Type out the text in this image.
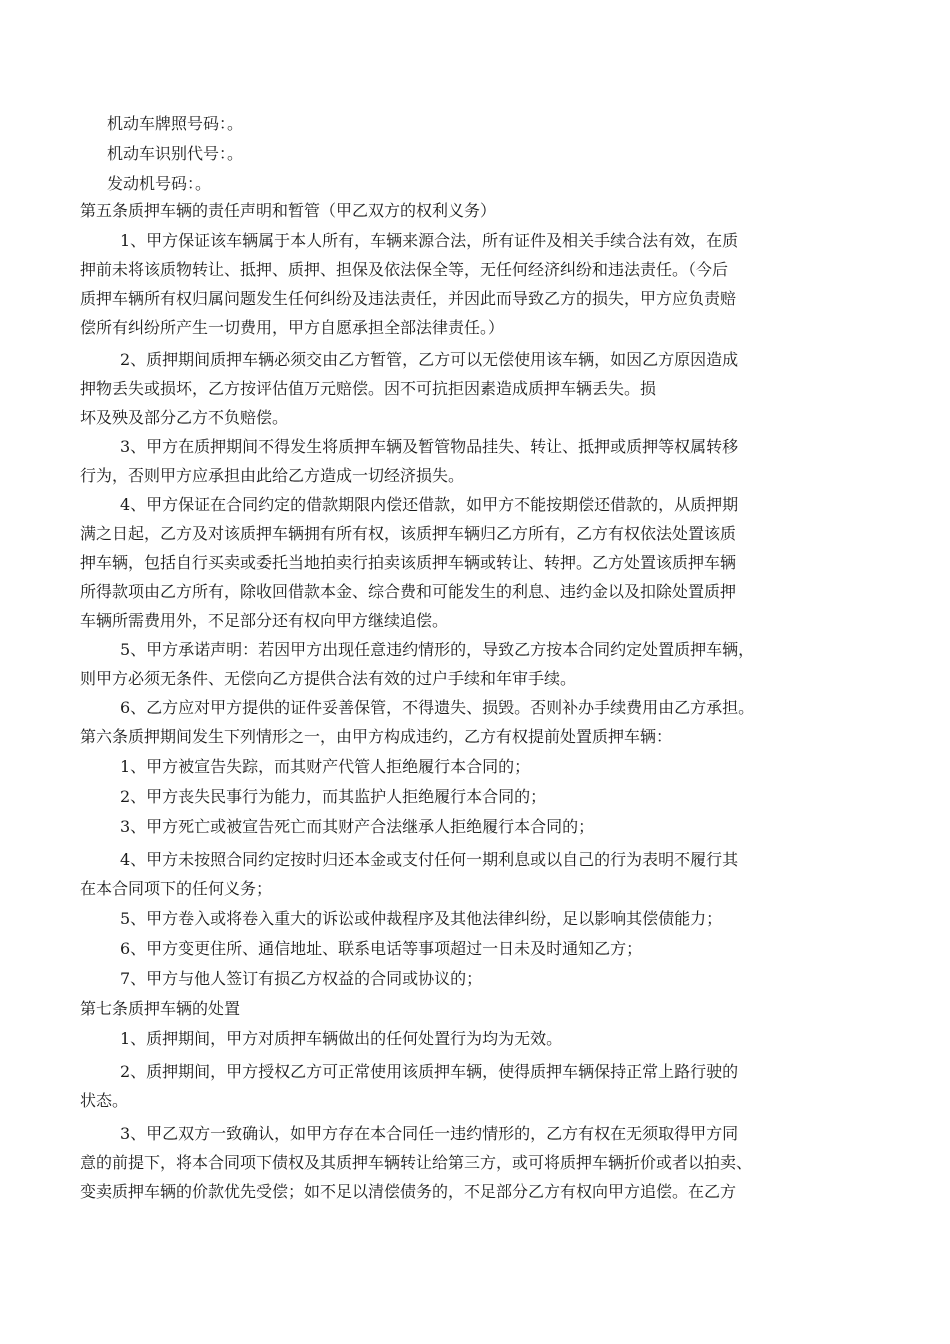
机动车牌照号码：。
机动车识别代号：。
发动机号码：。
第五条质押车辆的责任声明和暂管（甲乙双方的权利义务）
1、甲方保证该车辆属于本人所有，车辆来源合法，所有证件及相关手续合法有效，在质
押前未将该质物转让、抵押、质押、担保及依法保全等，无任何经济纠纷和违法责任。（今后
质押车辆所有权归属问题发生任何纠纷及违法责任，并因此而导致乙方的损失，甲方应负责赔
偿所有纠纷所产生一切费用，甲方自愿承担全部法律责任。）
2、质押期间质押车辆必须交由乙方暂管，乙方可以无偿使用该车辆，如因乙方原因造成
押物丢失或损坏，乙方按评估值万元赔偿。因不可抗拒因素造成质押车辆丢失。损
坏及殃及部分乙方不负赔偿。
3、甲方在质押期间不得发生将质押车辆及暂管物品挂失、转让、抵押或质押等权属转移
行为，否则甲方应承担由此给乙方造成一切经济损失。
4、甲方保证在合同约定的借款期限内偿还借款，如甲方不能按期偿还借款的，从质押期
满之日起，乙方及对该质押车辆拥有所有权，该质押车辆归乙方所有，乙方有权依法处置该质
押车辆，包括自行买卖或委托当地拍卖行拍卖该质押车辆或转让、转押。乙方处置该质押车辆
所得款项由乙方所有，除收回借款本金、综合费和可能发生的利息、违约金以及扣除处置质押
车辆所需费用外，不足部分还有权向甲方继续追偿。
5、甲方承诺声明：若因甲方出现任意违约情形的，导致乙方按本合同约定处置质押车辆，
则甲方必须无条件、无偿向乙方提供合法有效的过户手续和年审手续。
6、乙方应对甲方提供的证件妥善保管，不得遗失、损毁。否则补办手续费用由乙方承担。
第六条质押期间发生下列情形之一，由甲方构成违约，乙方有权提前处置质押车辆：
1、甲方被宣告失踪，而其财产代管人拒绝履行本合同的；
2、甲方丧失民事行为能力，而其监护人拒绝履行本合同的；
3、甲方死亡或被宣告死亡而其财产合法继承人拒绝履行本合同的；
4、甲方未按照合同约定按时归还本金或支付任何一期利息或以自己的行为表明不履行其
在本合同项下的任何义务；
5、甲方卷入或将卷入重大的诉讼或仲裁程序及其他法律纠纷，足以影响其偿债能力；
6、甲方变更住所、通信地址、联系电话等事项超过一日未及时通知乙方；
7、甲方与他人签订有损乙方权益的合同或协议的；
第七条质押车辆的处置
1、质押期间，甲方对质押车辆做出的任何处置行为均为无效。
2、质押期间，甲方授权乙方可正常使用该质押车辆，使得质押车辆保持正常上路行驶的
状态。
3、甲乙双方一致确认，如甲方存在本合同任一违约情形的，乙方有权在无须取得甲方同
意的前提下，将本合同项下债权及其质押车辆转让给第三方，或可将质押车辆折价或者以拍卖、
变卖质押车辆的价款优先受偿；如不足以清偿债务的，不足部分乙方有权向甲方追偿。在乙方
